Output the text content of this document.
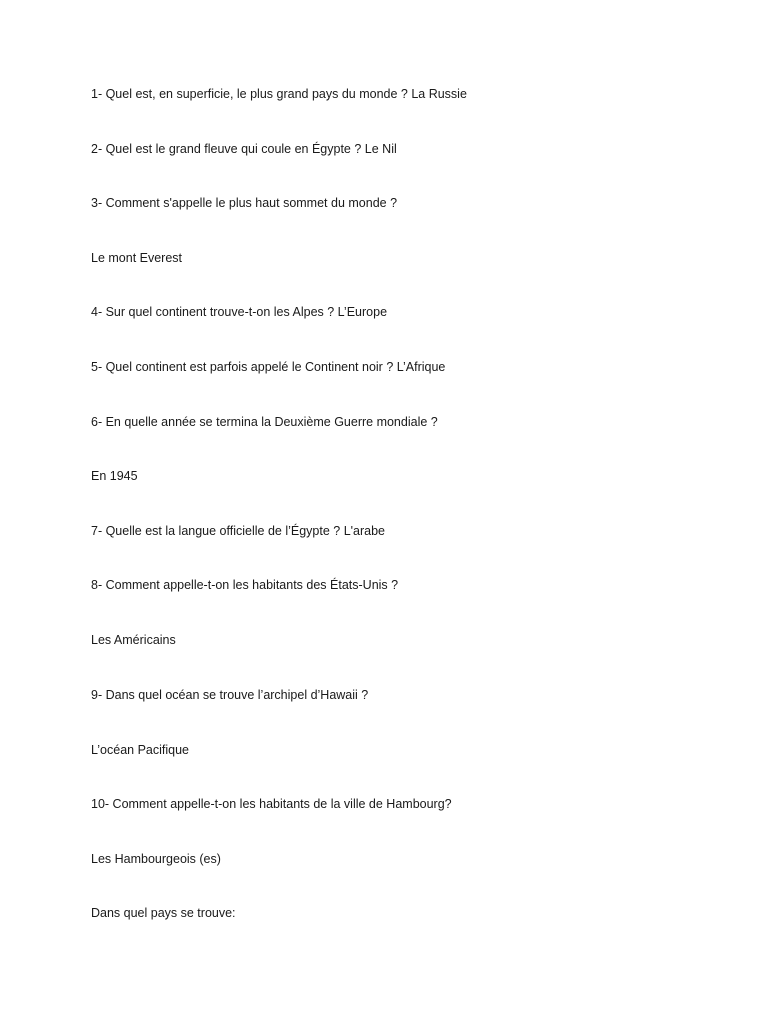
1- Quel est, en superficie, le plus grand pays du monde ? La Russie
2- Quel est le grand fleuve qui coule en Égypte ? Le Nil
3- Comment s'appelle le plus haut sommet du monde ?
Le mont Everest
4- Sur quel continent trouve-t-on les Alpes ? L’Europe
5- Quel continent est parfois appelé le Continent noir ? L’Afrique
6- En quelle année se termina la Deuxième Guerre mondiale ?
En 1945
7- Quelle est la langue officielle de l’Égypte ? L'arabe
8- Comment appelle-t-on les habitants des États-Unis ?
Les Américains
9- Dans quel océan se trouve l’archipel d’Hawaii ?
L’océan Pacifique
10- Comment appelle-t-on les habitants de la ville de Hambourg?
Les Hambourgeois (es)
Dans quel pays se trouve:
